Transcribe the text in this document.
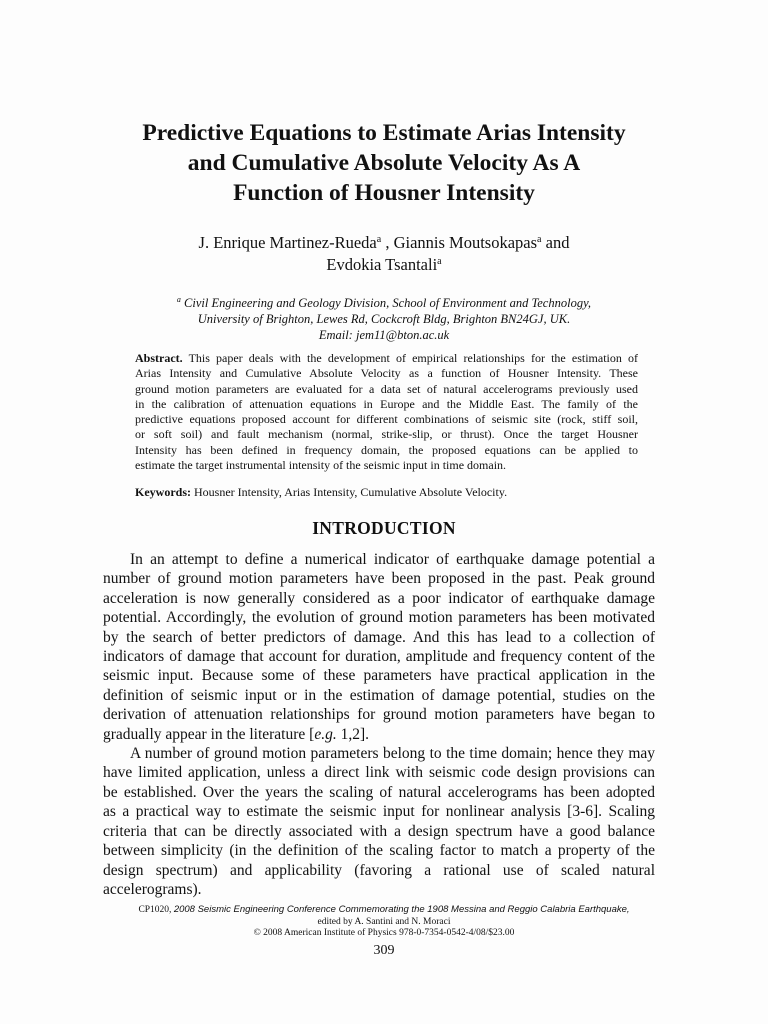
Predictive Equations to Estimate Arias Intensity
and Cumulative Absolute Velocity As A
Function of Housner Intensity
J. Enrique Martinez-Rueda$^a$ , Giannis Moutsokapas$^a$ and
Evdokia Tsantali$^a$
$^a$ Civil Engineering and Geology Division, School of Environment and Technology,
University of Brighton, Lewes Rd, Cockcroft Bldg, Brighton BN24GJ, UK.
Email: jem11@bton.ac.uk
Abstract. This paper deals with the development of empirical relationships for the estimation of
Arias Intensity and Cumulative Absolute Velocity as a function of Housner Intensity. These
ground motion parameters are evaluated for a data set of natural accelerograms previously used
in the calibration of attenuation equations in Europe and the Middle East. The family of the
predictive equations proposed account for different combinations of seismic site (rock, stiff soil,
or soft soil) and fault mechanism (normal, strike-slip, or thrust). Once the target Housner
Intensity has been defined in frequency domain, the proposed equations can be applied to
estimate the target instrumental intensity of the seismic input in time domain.
Keywords: Housner Intensity, Arias Intensity, Cumulative Absolute Velocity.
INTRODUCTION
In an attempt to define a numerical indicator of earthquake damage potential a
number of ground motion parameters have been proposed in the past. Peak ground
acceleration is now generally considered as a poor indicator of earthquake damage
potential. Accordingly, the evolution of ground motion parameters has been motivated
by the search of better predictors of damage. And this has lead to a collection of
indicators of damage that account for duration, amplitude and frequency content of the
seismic input. Because some of these parameters have practical application in the
definition of seismic input or in the estimation of damage potential, studies on the
derivation of attenuation relationships for ground motion parameters have began to
gradually appear in the literature [e.g. 1,2].
A number of ground motion parameters belong to the time domain; hence they may
have limited application, unless a direct link with seismic code design provisions can
be established. Over the years the scaling of natural accelerograms has been adopted
as a practical way to estimate the seismic input for nonlinear analysis [3-6]. Scaling
criteria that can be directly associated with a design spectrum have a good balance
between simplicity (in the definition of the scaling factor to match a property of the
design spectrum) and applicability (favoring a rational use of scaled natural
accelerograms).
CP1020, 2008 Seismic Engineering Conference Commemorating the 1908 Messina and Reggio Calabria Earthquake,
edited by A. Santini and N. Moraci
© 2008 American Institute of Physics 978-0-7354-0542-4/08/$23.00
309
